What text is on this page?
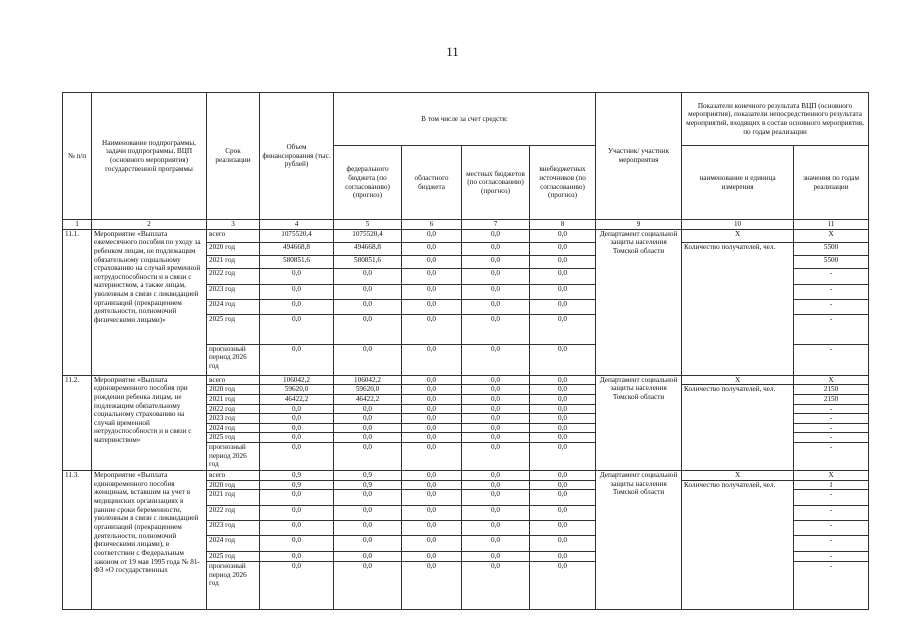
11
№ п/п	Наименование подпрограммы, задачи подпрограммы, ВЦП (основного мероприятия) государственной программы	Срок реализации	Объем финансирования (тыс. рублей)	В том числе за счет средств:				Участник/ участник мероприятия	Показатели конечного результата ВЦП (основного мероприятия), показатели непосредственного результата мероприятий, входящих в состав основного мероприятия, по годам реализации	
				федерального бюджета (по согласованию) (прогноз)	областного бюджета	местных бюджетов (по согласованию) (прогноз)	внебюджетных источников (по согласованию) (прогноз)		наименование и единица измерения	значения по годам реализации
1	2	3	4	5	6	7	8	9	10	11
11.1.	Мероприятие «Выплата ежемесячного пособия по уходу за ребенком лицам, не подлежащим обязательному социальному страхованию на случай временной нетрудоспособности и в связи с материнством, а также лицам, уволенным в связи с ликвидацией организаций (прекращением деятельности, полномочий физическими лицами)»	всего	1075520,4	1075520,4	0,0	0,0	0,0	Департамент социальной защиты населения Томской области	Х	Х
		2020 год	494668,8	494668,8	0,0	0,0	0,0		Количество получателей, чел.	5500
		2021 год	580851,6	580851,6	0,0	0,0	0,0			5500
		2022 год	0,0	0,0	0,0	0,0	0,0			-
		2023 год	0,0	0,0	0,0	0,0	0,0			-
		2024 год	0,0	0,0	0,0	0,0	0,0			-
		2025 год	0,0	0,0	0,0	0,0	0,0			-
		прогнозный период 2026 год	0,0	0,0	0,0	0,0	0,0			-
11.2.	Мероприятие «Выплата единовременного пособия при рождении ребенка лицам, не подлежащим обязательному социальному страхованию на случай временной нетрудоспособности и в связи с материнством»	всего	106042,2	106042,2	0,0	0,0	0,0	Департамент социальной защиты населения Томской области	Х	Х
		2020 год	59620,0	59620,0	0,0	0,0	0,0		Количество получателей, чел.	2150
		2021 год	46422,2	46422,2	0,0	0,0	0,0			2150
		2022 год	0,0	0,0	0,0	0,0	0,0			-
		2023 год	0,0	0,0	0,0	0,0	0,0			-
		2024 год	0,0	0,0	0,0	0,0	0,0			-
		2025 год	0,0	0,0	0,0	0,0	0,0			-
		прогнозный период 2026 год	0,0	0,0	0,0	0,0	0,0			-
11.3.	Мероприятие «Выплата единовременного пособия женщинам, вставшим на учет в медицинских организациях в ранние сроки беременности, уволенным в связи с ликвидацией организаций (прекращением деятельности, полномочий физическими лицами), в соответствии с Федеральным законом от 19 мая 1995 года № 81-ФЗ «О государственных	всего	0,9	0,9	0,0	0,0	0,0	Департамент социальной защиты населения Томской области	Х	Х
		2020 год	0,9	0,9	0,0	0,0	0,0		Количество получателей, чел.	1
		2021 год	0,0	0,0	0,0	0,0	0,0			-
		2022 год	0,0	0,0	0,0	0,0	0,0			-
		2023 год	0,0	0,0	0,0	0,0	0,0			-
		2024 год	0,0	0,0	0,0	0,0	0,0			-
		2025 год	0,0	0,0	0,0	0,0	0,0			-
		прогнозный период 2026 год	0,0	0,0	0,0	0,0	0,0			-
